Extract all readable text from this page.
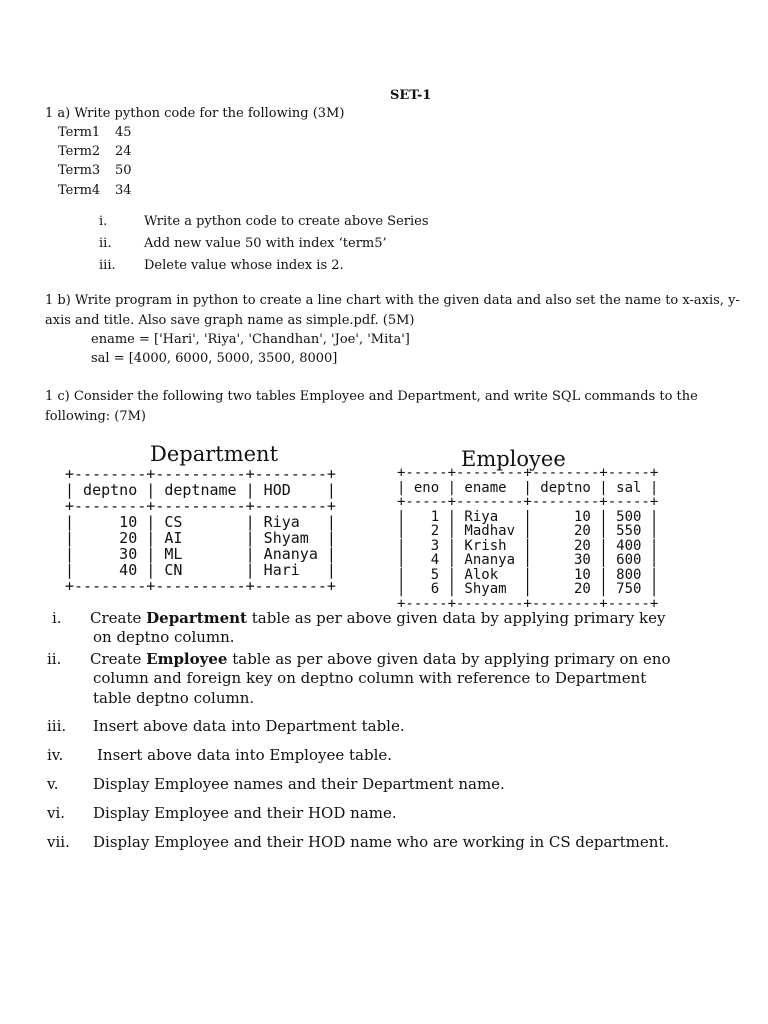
SET-1
1 a) Write python code for the following (3M)
Term1 45
Term2 24
Term3 50
Term4 34
i.	Write a python code to create above Series
ii.	Add new value 50 with index ‘term5’
iii. Delete value whose index is 2.
1 b) Write program in python to create a line chart with the given data and also set the name to x-axis, y-
axis and title. Also save graph name as simple.pdf. (5M)
ename = ['Hari', 'Riya', 'Chandhan', 'Joe', 'Mita']
sal = [4000, 6000, 5000, 3500, 8000]
1 c) Consider the following two tables Employee and Department, and write SQL commands to the
following: (7M)
Department
+--------+----------+--------+
| deptno | deptname | HOD    |
+--------+----------+--------+
|     10 | CS       | Riya   |
|     20 | AI       | Shyam  |
|     30 | ML       | Ananya |
|     40 | CN       | Hari   |
+--------+----------+--------+
Employee
+-----+--------+--------+-----+
| eno | ename  | deptno | sal |
+-----+--------+--------+-----+
|   1 | Riya   |     10 | 500 |
|   2 | Madhav |     20 | 550 |
|   3 | Krish  |     20 | 400 |
|   4 | Ananya |     30 | 600 |
|   5 | Alok   |     10 | 800 |
|   6 | Shyam  |     20 | 750 |
+-----+--------+--------+-----+
i. Create Department table as per above given data by applying primary key
on deptno column.
ii. Create Employee table as per above given data by applying primary on eno
column and foreign key on deptno column with reference to Department
table deptno column.
iii. Insert above data into Department table.
iv. Insert above data into Employee table.
v. Display Employee names and their Department name.
vi. Display Employee and their HOD name.
vii. Display Employee and their HOD name who are working in CS department.
